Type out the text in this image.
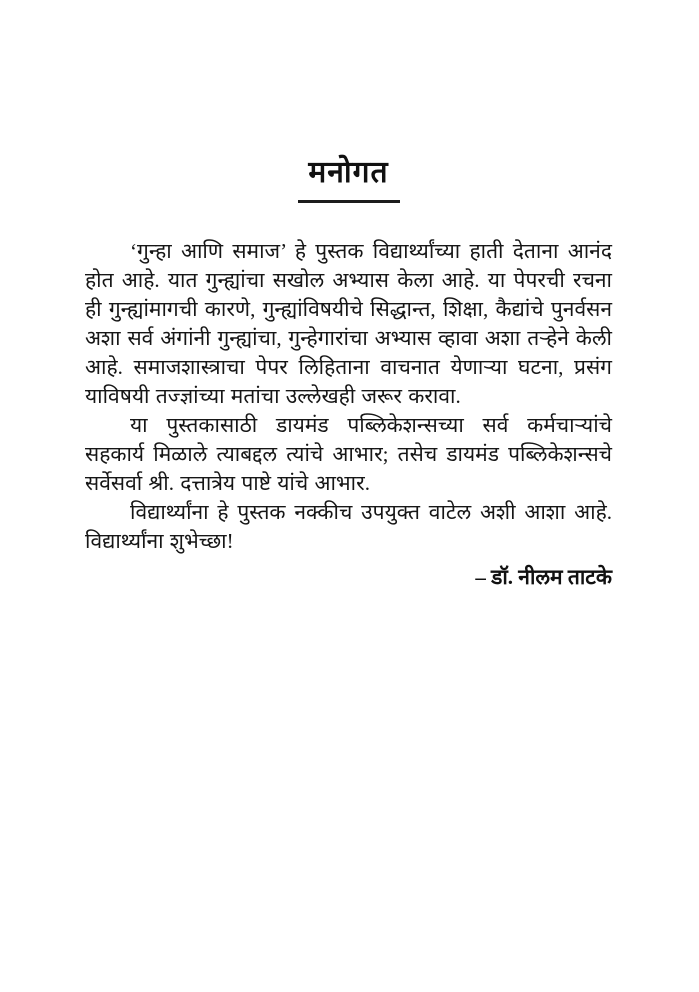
मनोगत

‘गुन्हा आणि समाज’ हे पुस्तक विद्यार्थ्यांच्या हाती देताना आनंद होत आहे. यात गुन्ह्यांचा सखोल अभ्यास केला आहे. या पेपरची रचना ही गुन्ह्यांमागची कारणे, गुन्ह्यांविषयीचे सिद्धान्त, शिक्षा, कैद्यांचे पुनर्वसन अशा सर्व अंगांनी गुन्ह्यांचा, गुन्हेगारांचा अभ्यास व्हावा अशा तऱ्हेने केली आहे. समाजशास्त्राचा पेपर लिहिताना वाचनात येणाऱ्या घटना, प्रसंग याविषयी तज्ज्ञांच्या मतांचा उल्लेखही जरूर करावा.

या पुस्तकासाठी डायमंड पब्लिकेशन्सच्या सर्व कर्मचाऱ्यांचे सहकार्य मिळाले त्याबद्दल त्यांचे आभार; तसेच डायमंड पब्लिकेशन्सचे सर्वेसर्वा श्री. दत्तात्रेय पाष्टे यांचे आभार.

विद्यार्थ्यांना हे पुस्तक नक्कीच उपयुक्त वाटेल अशी आशा आहे. विद्यार्थ्यांना शुभेच्छा!

– डॉ. नीलम ताटके
